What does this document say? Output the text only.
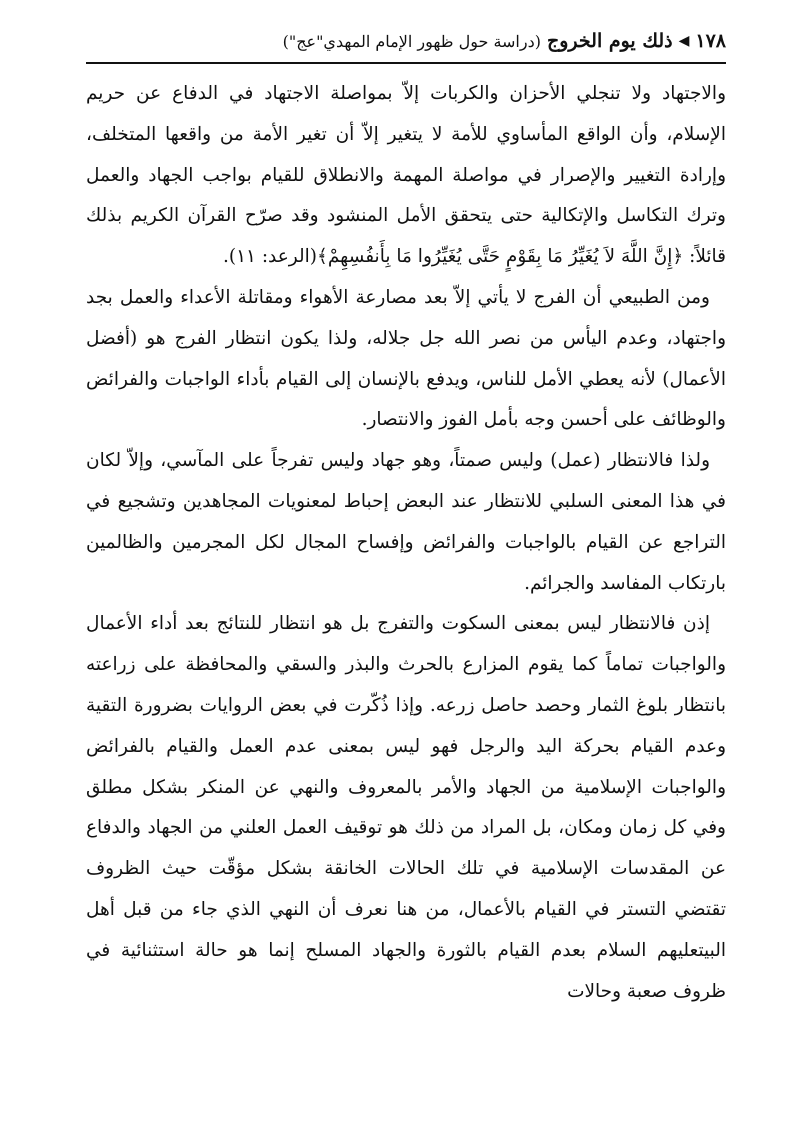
١٧٨
◀
ذلك يوم الخروج
(دراسة حول ظهور الإمام المهدي"عج")

والاجتهاد ولا تنجلي الأحزان والكربات إلاّ بمواصلة الاجتهاد في الدفاع عن حريم الإسلام، وأن الواقع المأساوي للأمة لا يتغير إلاّ أن تغير الأمة من واقعها المتخلف، وإرادة التغيير والإصرار في مواصلة المهمة والانطلاق للقيام بواجب الجهاد والعمل وترك التكاسل والإتكالية حتى يتحقق الأمل المنشود وقد صرّح القرآن الكريم بذلك قائلاً: ﴿إِنَّ اللَّهَ لاَ يُغَيِّرُ مَا بِقَوْمٍ حَتَّى يُغَيِّرُوا مَا بِأَنفُسِهِمْ﴾(الرعد: ١١).

ومن الطبيعي أن الفرج لا يأتي إلاّ بعد مصارعة الأهواء ومقاتلة الأعداء والعمل بجد واجتهاد، وعدم اليأس من نصر الله جل جلاله، ولذا يكون انتظار الفرج هو (أفضل الأعمال) لأنه يعطي الأمل للناس، ويدفع بالإنسان إلى القيام بأداء الواجبات والفرائض والوظائف على أحسن وجه بأمل الفوز والانتصار.

ولذا فالانتظار (عمل) وليس صمتاً، وهو جهاد وليس تفرجاً على المآسي، وإلاّ لكان في هذا المعنى السلبي للانتظار عند البعض إحباط لمعنويات المجاهدين وتشجيع في التراجع عن القيام بالواجبات والفرائض وإفساح المجال لكل المجرمين والظالمين بارتكاب المفاسد والجرائم.

إذن فالانتظار ليس بمعنى السكوت والتفرج بل هو انتظار للنتائج بعد أداء الأعمال والواجبات تماماً كما يقوم المزارع بالحرث والبذر والسقي والمحافظة على زراعته بانتظار بلوغ الثمار وحصد حاصل زرعه. وإذا ذُكّرت في بعض الروايات بضرورة التقية وعدم القيام بحركة اليد والرجل فهو ليس بمعنى عدم العمل والقيام بالفرائض والواجبات الإسلامية من الجهاد والأمر بالمعروف والنهي عن المنكر بشكل مطلق وفي كل زمان ومكان، بل المراد من ذلك هو توقيف العمل العلني من الجهاد والدفاع عن المقدسات الإسلامية في تلك الحالات الخانقة بشكل مؤقّت حيث الظروف تقتضي التستر في القيام بالأعمال، من هنا نعرف أن النهي الذي جاء من قبل أهل البيتعليهم السلام بعدم القيام بالثورة والجهاد المسلح إنما هو حالة استثنائية في ظروف صعبة وحالات
